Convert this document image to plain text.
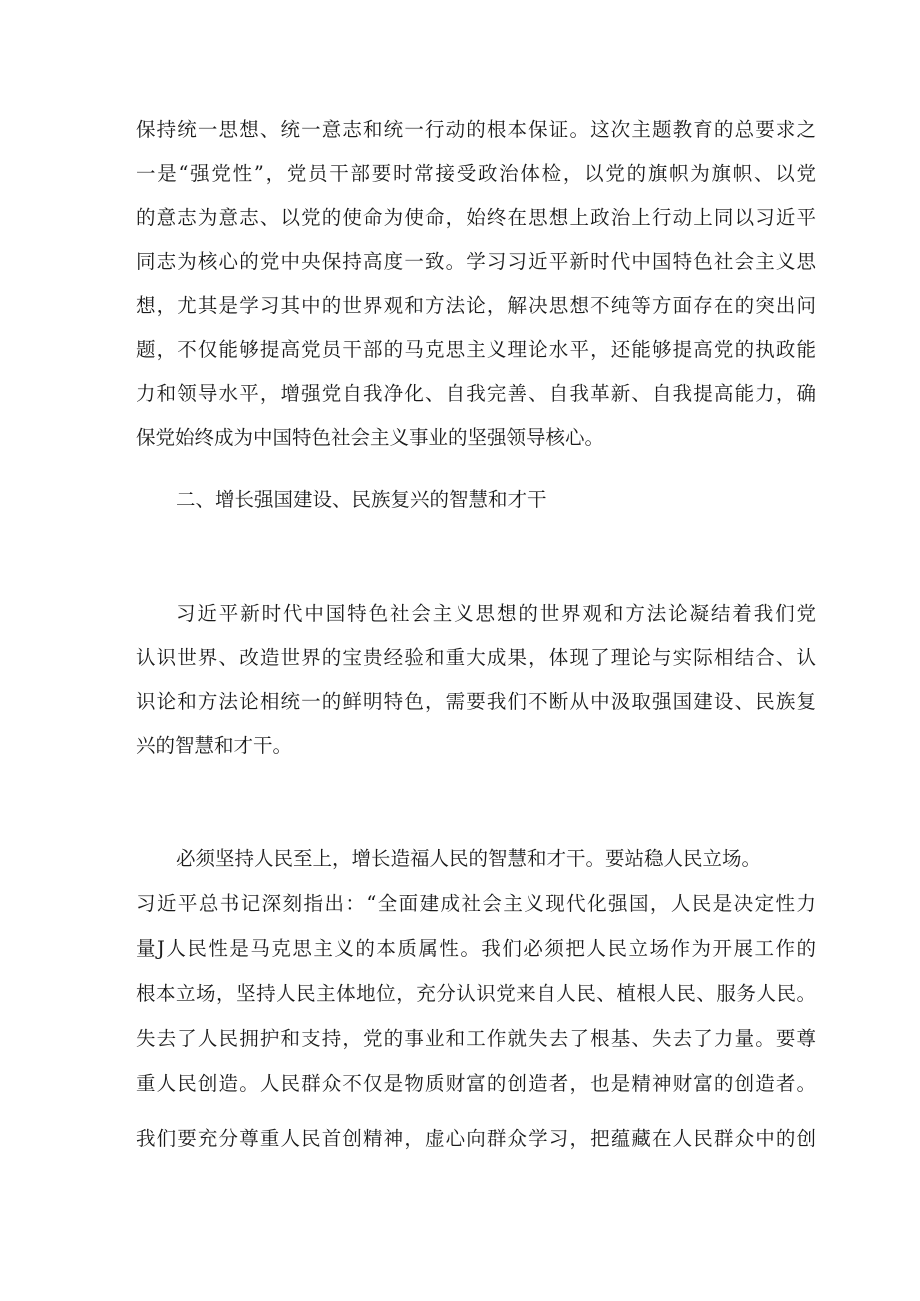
保持统一思想、统一意志和统一行动的根本保证。这次主题教育的总要求之
一是“强党性”，党员干部要时常接受政治体检，以党的旗帜为旗帜、以党
的意志为意志、以党的使命为使命，始终在思想上政治上行动上同以习近平
同志为核心的党中央保持高度一致。学习习近平新时代中国特色社会主义思
想，尤其是学习其中的世界观和方法论，解决思想不纯等方面存在的突出问
题，不仅能够提高党员干部的马克思主义理论水平，还能够提高党的执政能
力和领导水平，增强党自我净化、自我完善、自我革新、自我提高能力，确
保党始终成为中国特色社会主义事业的坚强领导核心。
二、增长强国建设、民族复兴的智慧和才干
习近平新时代中国特色社会主义思想的世界观和方法论凝结着我们党
认识世界、改造世界的宝贵经验和重大成果，体现了理论与实际相结合、认
识论和方法论相统一的鲜明特色，需要我们不断从中汲取强国建设、民族复
兴的智慧和才干。
必须坚持人民至上，增长造福人民的智慧和才干。要站稳人民立场。
习近平总书记深刻指出：“全面建成社会主义现代化强国，人民是决定性力
量J人民性是马克思主义的本质属性。我们必须把人民立场作为开展工作的
根本立场，坚持人民主体地位，充分认识党来自人民、植根人民、服务人民。
失去了人民拥护和支持，党的事业和工作就失去了根基、失去了力量。要尊
重人民创造。人民群众不仅是物质财富的创造者，也是精神财富的创造者。
我们要充分尊重人民首创精神，虚心向群众学习，把蕴藏在人民群众中的创
